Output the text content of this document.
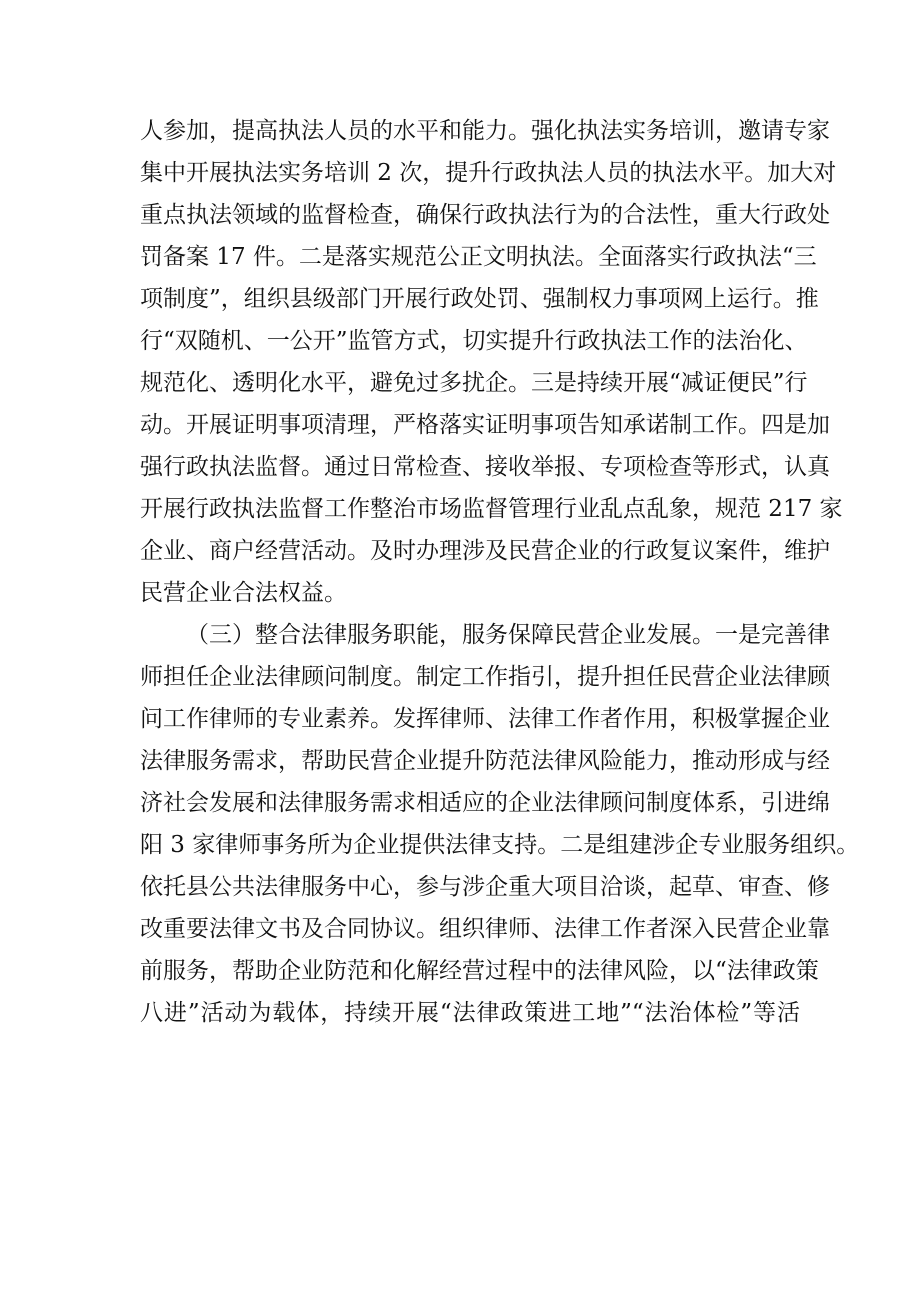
人参加，提高执法人员的水平和能力。强化执法实务培训，邀请专家
集中开展执法实务培训 2 次，提升行政执法人员的执法水平。加大对
重点执法领域的监督检查，确保行政执法行为的合法性，重大行政处
罚备案 17 件。二是落实规范公正文明执法。全面落实行政执法“三
项制度”，组织县级部门开展行政处罚、强制权力事项网上运行。推
行“双随机、一公开”监管方式，切实提升行政执法工作的法治化、
规范化、透明化水平，避免过多扰企。三是持续开展“减证便民”行
动。开展证明事项清理，严格落实证明事项告知承诺制工作。四是加
强行政执法监督。通过日常检查、接收举报、专项检查等形式，认真
开展行政执法监督工作整治市场监督管理行业乱点乱象，规范 217 家
企业、商户经营活动。及时办理涉及民营企业的行政复议案件，维护
民营企业合法权益。
（三）整合法律服务职能，服务保障民营企业发展。一是完善律
师担任企业法律顾问制度。制定工作指引，提升担任民营企业法律顾
问工作律师的专业素养。发挥律师、法律工作者作用，积极掌握企业
法律服务需求，帮助民营企业提升防范法律风险能力，推动形成与经
济社会发展和法律服务需求相适应的企业法律顾问制度体系，引进绵
阳 3 家律师事务所为企业提供法律支持。二是组建涉企专业服务组织。
依托县公共法律服务中心，参与涉企重大项目洽谈，起草、审查、修
改重要法律文书及合同协议。组织律师、法律工作者深入民营企业靠
前服务，帮助企业防范和化解经营过程中的法律风险，以“法律政策
八进”活动为载体，持续开展“法律政策进工地”“法治体检”等活
